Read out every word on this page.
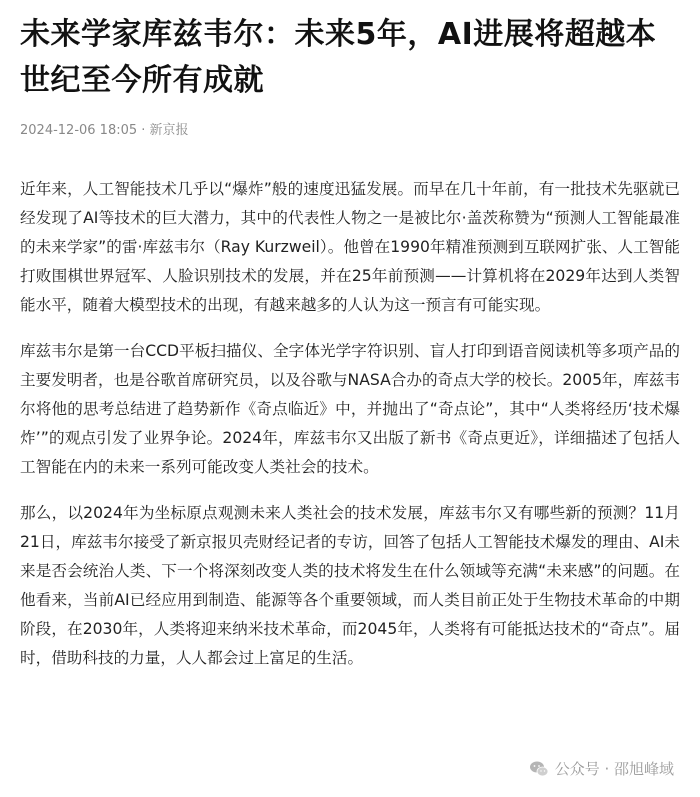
未来学家库兹韦尔：未来5年，AI进展将超越本世纪至今所有成就
2024-12-06 18:05 · 新京报

近年来，人工智能技术几乎以“爆炸”般的速度迅猛发展。而早在几十年前，有一批技术先驱就已经发现了AI等技术的巨大潜力，其中的代表性人物之一是被比尔·盖茨称赞为“预测人工智能最准的未来学家”的雷·库兹韦尔（Ray Kurzweil）。他曾在1990年精准预测到互联网扩张、人工智能打败围棋世界冠军、人脸识别技术的发展，并在25年前预测——计算机将在2029年达到人类智能水平，随着大模型技术的出现，有越来越多的人认为这一预言有可能实现。

库兹韦尔是第一台CCD平板扫描仪、全字体光学字符识别、盲人打印到语音阅读机等多项产品的主要发明者，也是谷歌首席研究员，以及谷歌与NASA合办的奇点大学的校长。2005年，库兹韦尔将他的思考总结进了趋势新作《奇点临近》中，并抛出了“奇点论”，其中“人类将经历‘技术爆炸’”的观点引发了业界争论。2024年，库兹韦尔又出版了新书《奇点更近》，详细描述了包括人工智能在内的未来一系列可能改变人类社会的技术。

那么，以2024年为坐标原点观测未来人类社会的技术发展，库兹韦尔又有哪些新的预测？11月21日，库兹韦尔接受了新京报贝壳财经记者的专访，回答了包括人工智能技术爆发的理由、AI未来是否会统治人类、下一个将深刻改变人类的技术将发生在什么领域等充满“未来感”的问题。在他看来，当前AI已经应用到制造、能源等各个重要领域，而人类目前正处于生物技术革命的中期阶段，在2030年，人类将迎来纳米技术革命，而2045年，人类将有可能抵达技术的“奇点”。届时，借助科技的力量，人人都会过上富足的生活。

公众号 · 邵旭峰域
